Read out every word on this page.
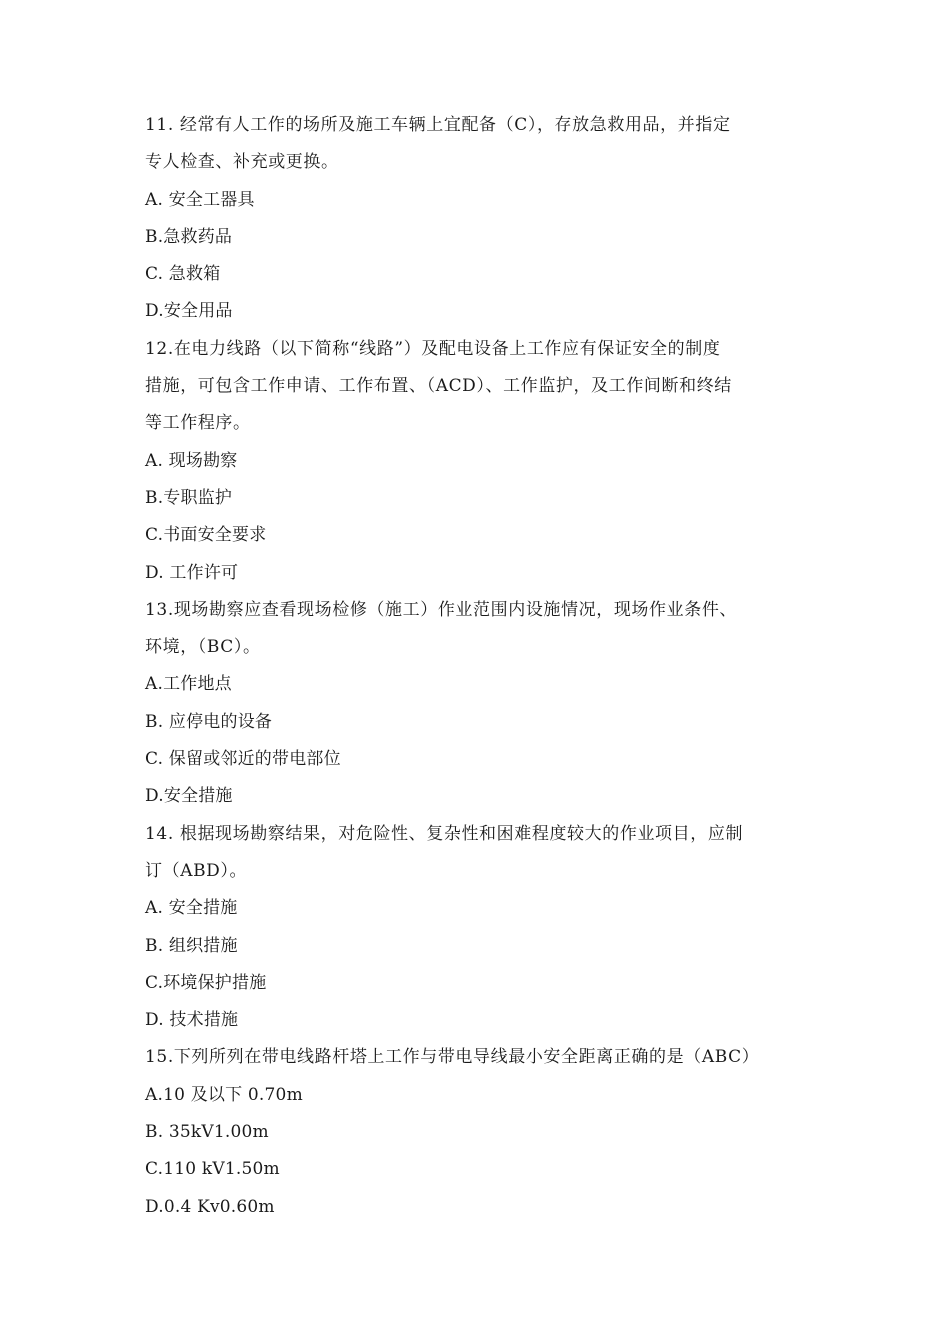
11. 经常有人工作的场所及施工车辆上宜配备（C），存放急救用品，并指定
专人检查、补充或更换。
A. 安全工器具
B.急救药品
C. 急救箱
D.安全用品
12.在电力线路（以下简称“线路”）及配电设备上工作应有保证安全的制度
措施，可包含工作申请、工作布置、（ACD）、工作监护，及工作间断和终结
等工作程序。
A. 现场勘察
B.专职监护
C.书面安全要求
D. 工作许可
13.现场勘察应查看现场检修（施工）作业范围内设施情况，现场作业条件、
环境，（BC）。
A.工作地点
B. 应停电的设备
C. 保留或邻近的带电部位
D.安全措施
14. 根据现场勘察结果，对危险性、复杂性和困难程度较大的作业项目，应制
订（ABD）。
A. 安全措施
B. 组织措施
C.环境保护措施
D. 技术措施
15.下列所列在带电线路杆塔上工作与带电导线最小安全距离正确的是（ABC）
A.10 及以下 0.70m
B. 35kV1.00m
C.110 kV1.50m
D.0.4 Kv0.60m
